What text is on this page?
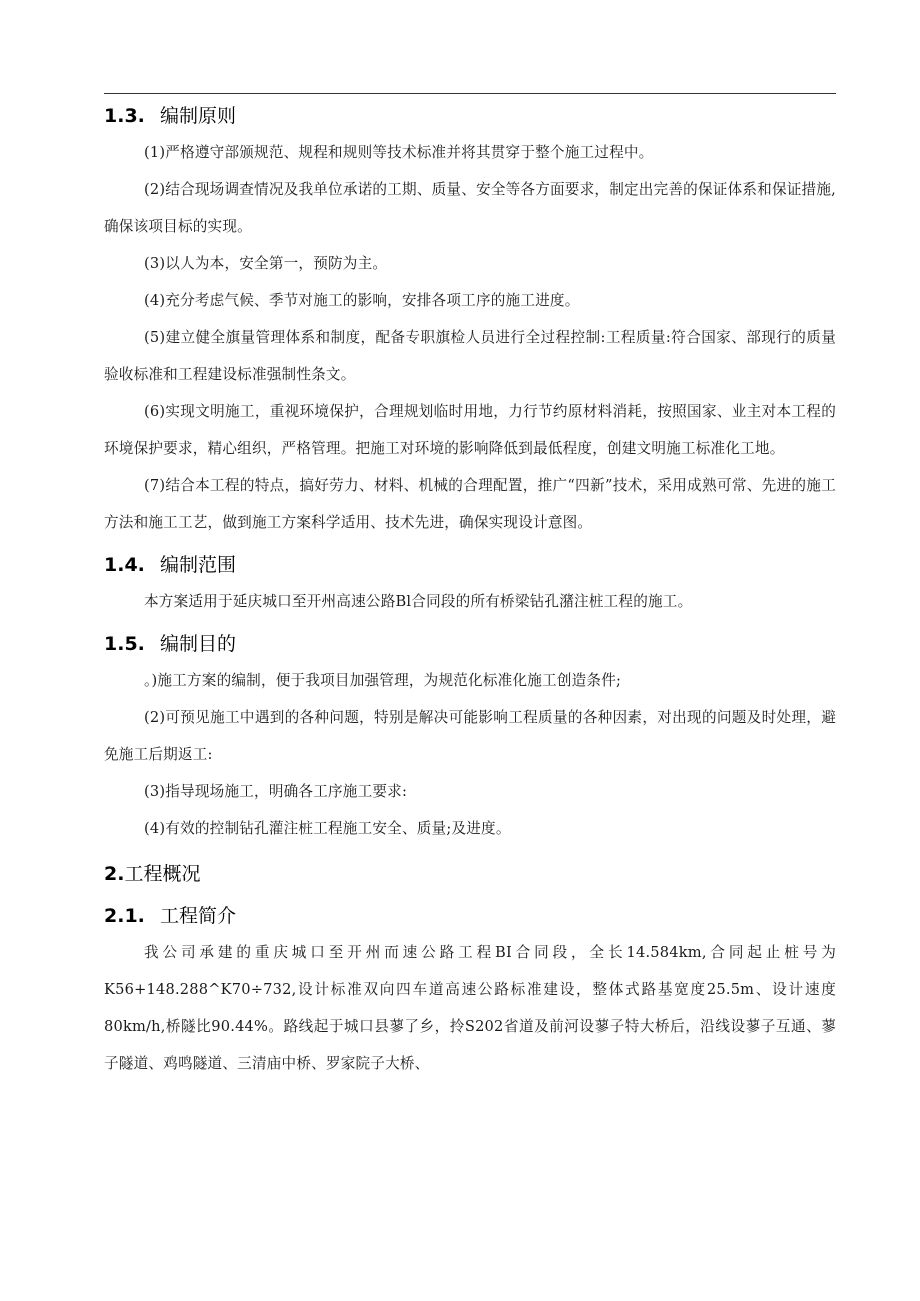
1.3. 编制原则

(1)严格遵守部颁规范、规程和规则等技术标准并将其贯穿于整个施工过程中。

(2)结合现场调查情况及我单位承诺的工期、质量、安全等各方面要求，制定出完善的保证体系和保证措施,确保该项目标的实现。

(3)以人为本，安全第一，预防为主。

(4)充分考虑气候、季节对施工的影响，安排各项工序的施工进度。

(5)建立健全旗量管理体系和制度，配备专职旗检人员进行全过程控制:工程质量:符合国家、部现行的质量验收标准和工程建设标准强制性条文。

(6)实现文明施工，重视环境保护，合理规划临时用地，力行节约原材料消耗，按照国家、业主对本工程的环境保护要求，精心组织，严格管理。把施工对环境的影响降低到最低程度，创建文明施工标准化工地。

(7)结合本工程的特点，搞好劳力、材料、机械的合理配置，推广“四新”技术，采用成熟可常、先进的施工方法和施工工艺，做到施工方案科学适用、技术先进，确保实现设计意图。

1.4. 编制范围

本方案适用于延庆城口至开州高速公路Bl合同段的所有桥梁钻孔潴注桩工程的施工。

1.5. 编制目的

。)施工方案的编制，便于我项目加强管理，为规范化标准化施工创造条件;

(2)可预见施工中遇到的各种问题，特别是解决可能影响工程质量的各种因素，对出现的问题及时处理，避免施工后期返工:

(3)指导现场施工，明确各工序施工要求:

(4)有效的控制钻孔灌注桩工程施工安全、质量;及进度。

2.工程概况
2.1. 工程简介

我公司承建的重庆城口至开州而速公路工程BI合同段，全长14.584km,合同起止桩号为K56+148.288^K70÷732,设计标准双向四车道高速公路标准建设，整体式路基宽度25.5m、设计速度80km∕h,桥隧比90.44%。路线起于城口县蓼了乡，拎S202省道及前河设蓼子特大桥后，沿线设蓼子互通、蓼子隧道、鸡鸣隧道、三清庙中桥、罗家院子大桥、
